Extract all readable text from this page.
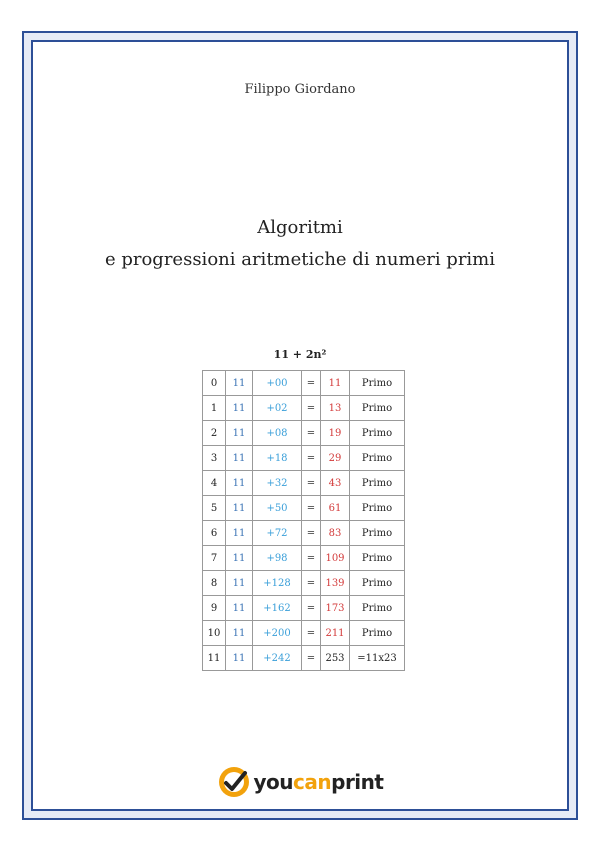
Filippo Giordano
Algoritmi
e progressioni aritmetiche di numeri primi
11 + 2n²
0	11	+00	=	11	Primo
1	11	+02	=	13	Primo
2	11	+08	=	19	Primo
3	11	+18	=	29	Primo
4	11	+32	=	43	Primo
5	11	+50	=	61	Primo
6	11	+72	=	83	Primo
7	11	+98	=	109	Primo
8	11	+128	=	139	Primo
9	11	+162	=	173	Primo
10	11	+200	=	211	Primo
11	11	+242	=	253	=11x23
youcanprint
